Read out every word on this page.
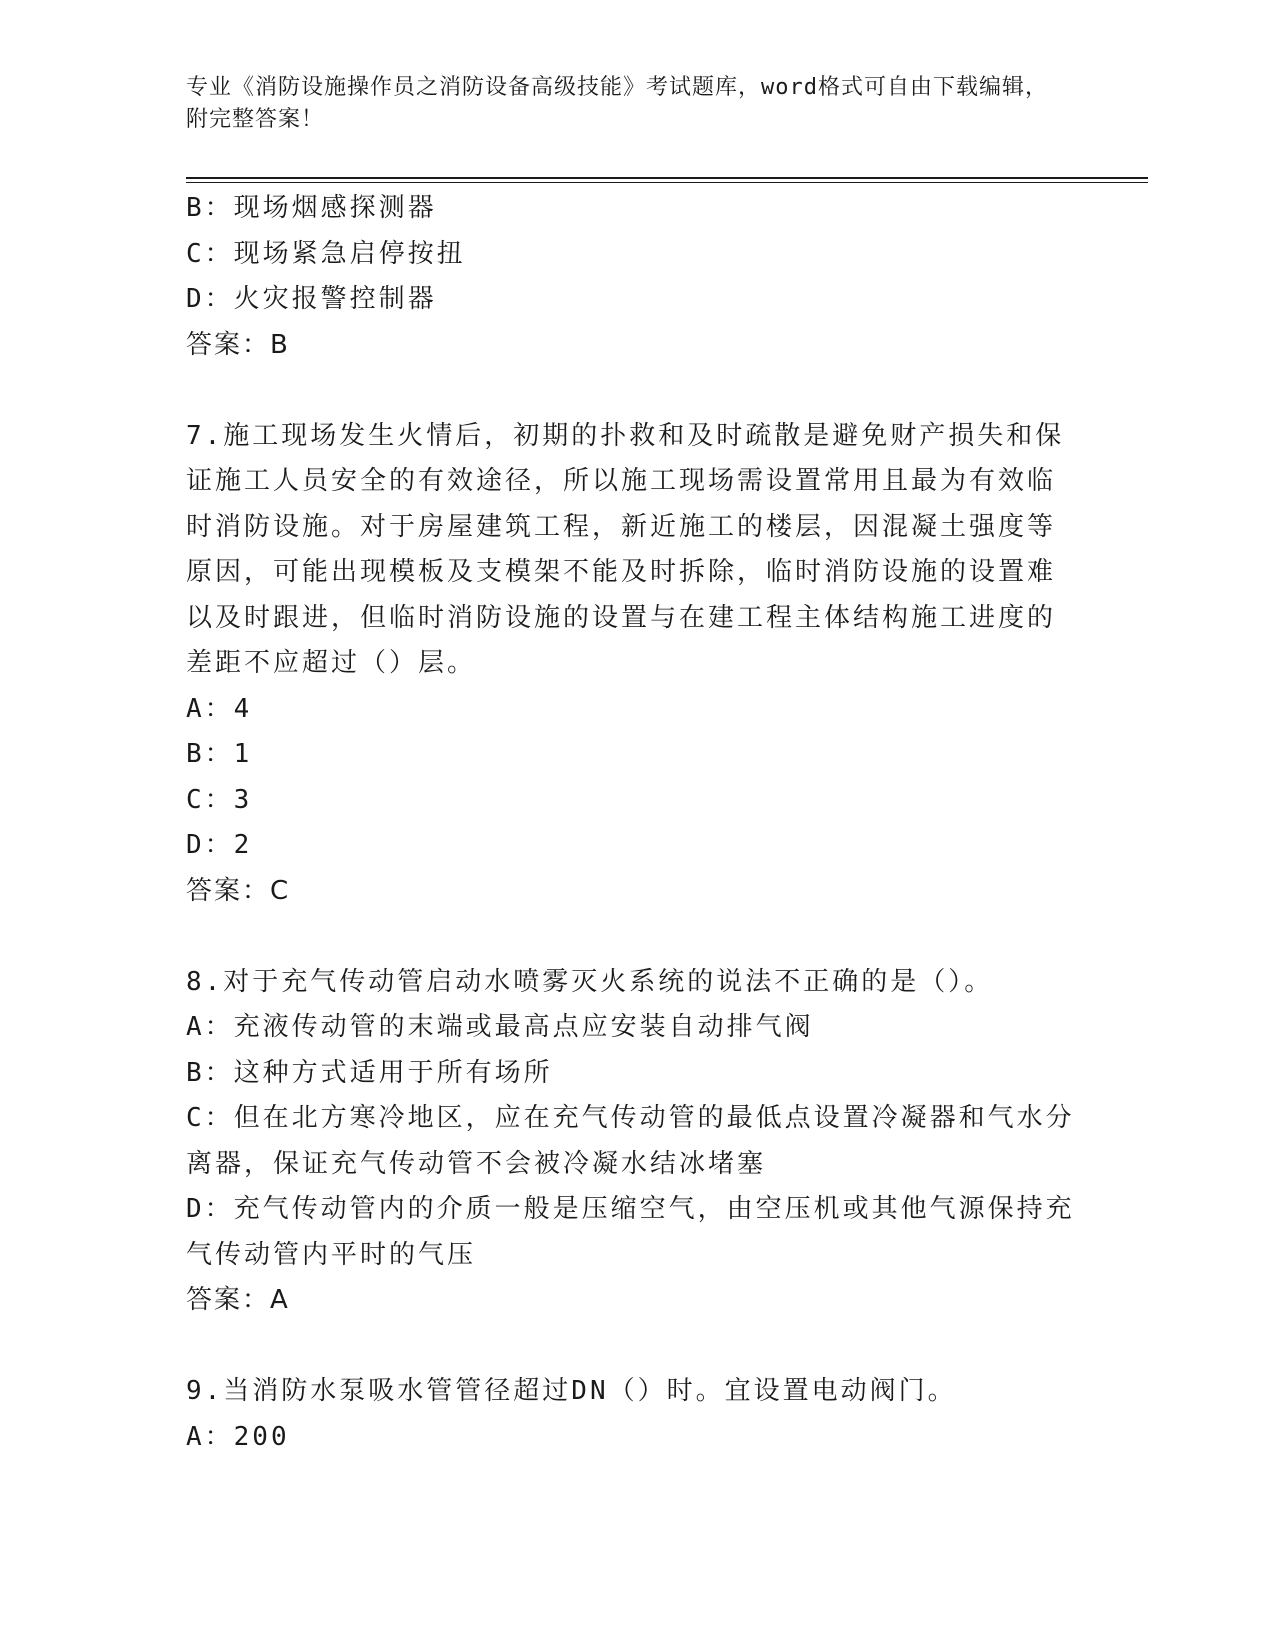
专业《消防设施操作员之消防设备高级技能》考试题库，word格式可自由下载编辑，附完整答案！

B：现场烟感探测器

C：现场紧急启停按扭

D：火灾报警控制器

答案：B

7.施工现场发生火情后，初期的扑救和及时疏散是避免财产损失和保证施工人员安全的有效途径，所以施工现场需设置常用且最为有效临时消防设施。对于房屋建筑工程，新近施工的楼层，因混凝土强度等原因，可能出现模板及支模架不能及时拆除，临时消防设施的设置难以及时跟进，但临时消防设施的设置与在建工程主体结构施工进度的差距不应超过（）层。

A：4

B：1

C：3

D：2

答案：C

8.对于充气传动管启动水喷雾灭火系统的说法不正确的是（）。

A：充液传动管的末端或最高点应安装自动排气阀

B：这种方式适用于所有场所

C：但在北方寒冷地区，应在充气传动管的最低点设置冷凝器和气水分离器，保证充气传动管不会被冷凝水结冰堵塞

D：充气传动管内的介质一般是压缩空气，由空压机或其他气源保持充气传动管内平时的气压

答案：A

9.当消防水泵吸水管管径超过DN（）时。宜设置电动阀门。

A：200
